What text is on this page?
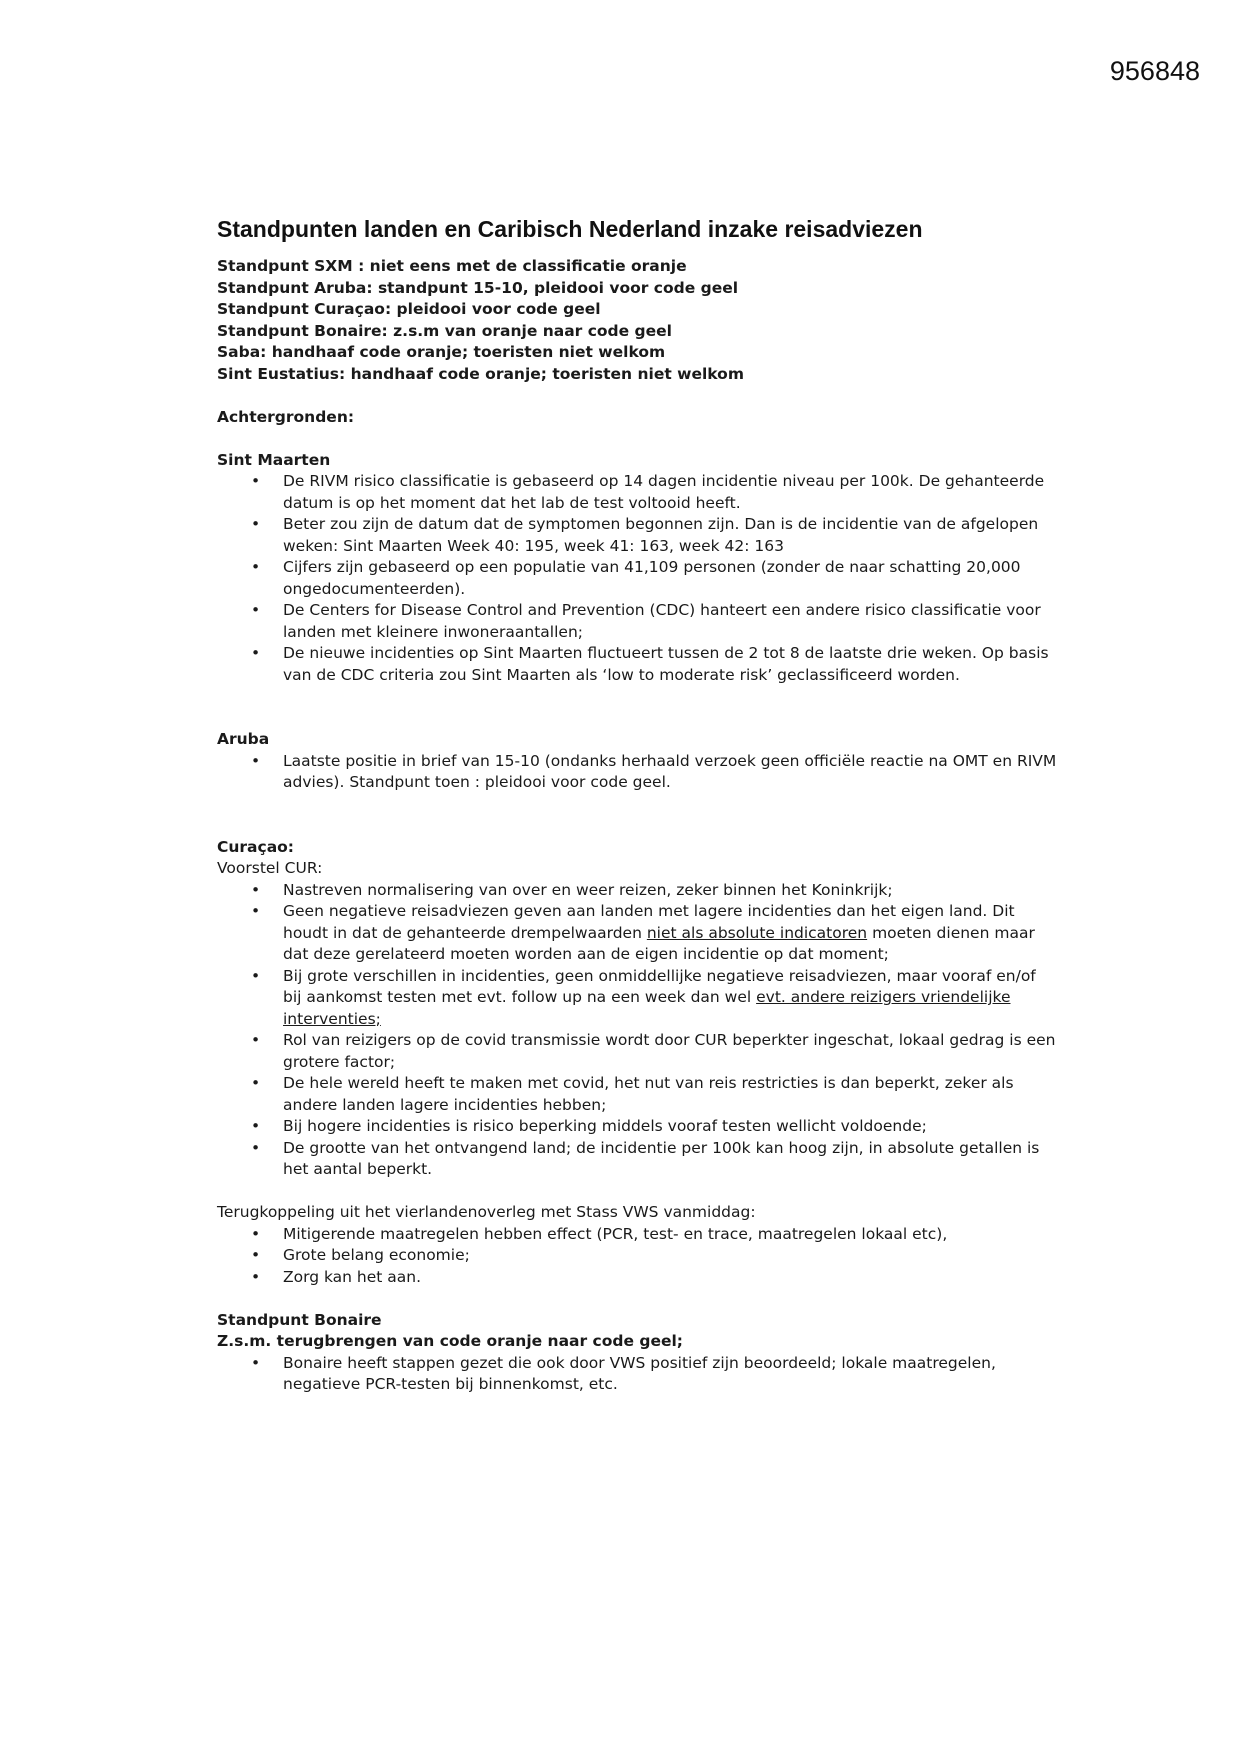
956848
Standpunten landen en Caribisch Nederland inzake reisadviezen
Standpunt SXM : niet eens met de classificatie oranje
Standpunt Aruba: standpunt 15-10, pleidooi voor code geel
Standpunt Curaçao: pleidooi voor code geel
Standpunt Bonaire: z.s.m van oranje naar code geel
Saba: handhaaf code oranje; toeristen niet welkom
Sint Eustatius: handhaaf code oranje; toeristen niet welkom
Achtergronden:
Sint Maarten
• De RIVM risico classificatie is gebaseerd op 14 dagen incidentie niveau per 100k. De gehanteerde datum is op het moment dat het lab de test voltooid heeft.
• Beter zou zijn de datum dat de symptomen begonnen zijn. Dan is de incidentie van de afgelopen weken: Sint Maarten Week 40: 195, week 41: 163, week 42: 163
• Cijfers zijn gebaseerd op een populatie van 41,109 personen (zonder de naar schatting 20,000 ongedocumenteerden).
• De Centers for Disease Control and Prevention (CDC) hanteert een andere risico classificatie voor landen met kleinere inwoneraantallen;
• De nieuwe incidenties op Sint Maarten fluctueert tussen de 2 tot 8 de laatste drie weken. Op basis van de CDC criteria zou Sint Maarten als ‘low to moderate risk’ geclassificeerd worden.
Aruba
• Laatste positie in brief van 15-10 (ondanks herhaald verzoek geen officiële reactie na OMT en RIVM advies). Standpunt toen : pleidooi voor code geel.
Curaçao:
Voorstel CUR:
• Nastreven normalisering van over en weer reizen, zeker binnen het Koninkrijk;
• Geen negatieve reisadviezen geven aan landen met lagere incidenties dan het eigen land. Dit houdt in dat de gehanteerde drempelwaarden niet als absolute indicatoren moeten dienen maar dat deze gerelateerd moeten worden aan de eigen incidentie op dat moment;
• Bij grote verschillen in incidenties, geen onmiddellijke negatieve reisadviezen, maar vooraf en/of bij aankomst testen met evt. follow up na een week dan wel evt. andere reizigers vriendelijke interventies;
• Rol van reizigers op de covid transmissie wordt door CUR beperkter ingeschat, lokaal gedrag is een grotere factor;
• De hele wereld heeft te maken met covid, het nut van reis restricties is dan beperkt, zeker als andere landen lagere incidenties hebben;
• Bij hogere incidenties is risico beperking middels vooraf testen wellicht voldoende;
• De grootte van het ontvangend land; de incidentie per 100k kan hoog zijn, in absolute getallen is het aantal beperkt.
Terugkoppeling uit het vierlandenoverleg met Stass VWS vanmiddag:
• Mitigerende maatregelen hebben effect (PCR, test- en trace, maatregelen lokaal etc),
• Grote belang economie;
• Zorg kan het aan.
Standpunt Bonaire
Z.s.m. terugbrengen van code oranje naar code geel;
• Bonaire heeft stappen gezet die ook door VWS positief zijn beoordeeld; lokale maatregelen, negatieve PCR-testen bij binnenkomst, etc.
